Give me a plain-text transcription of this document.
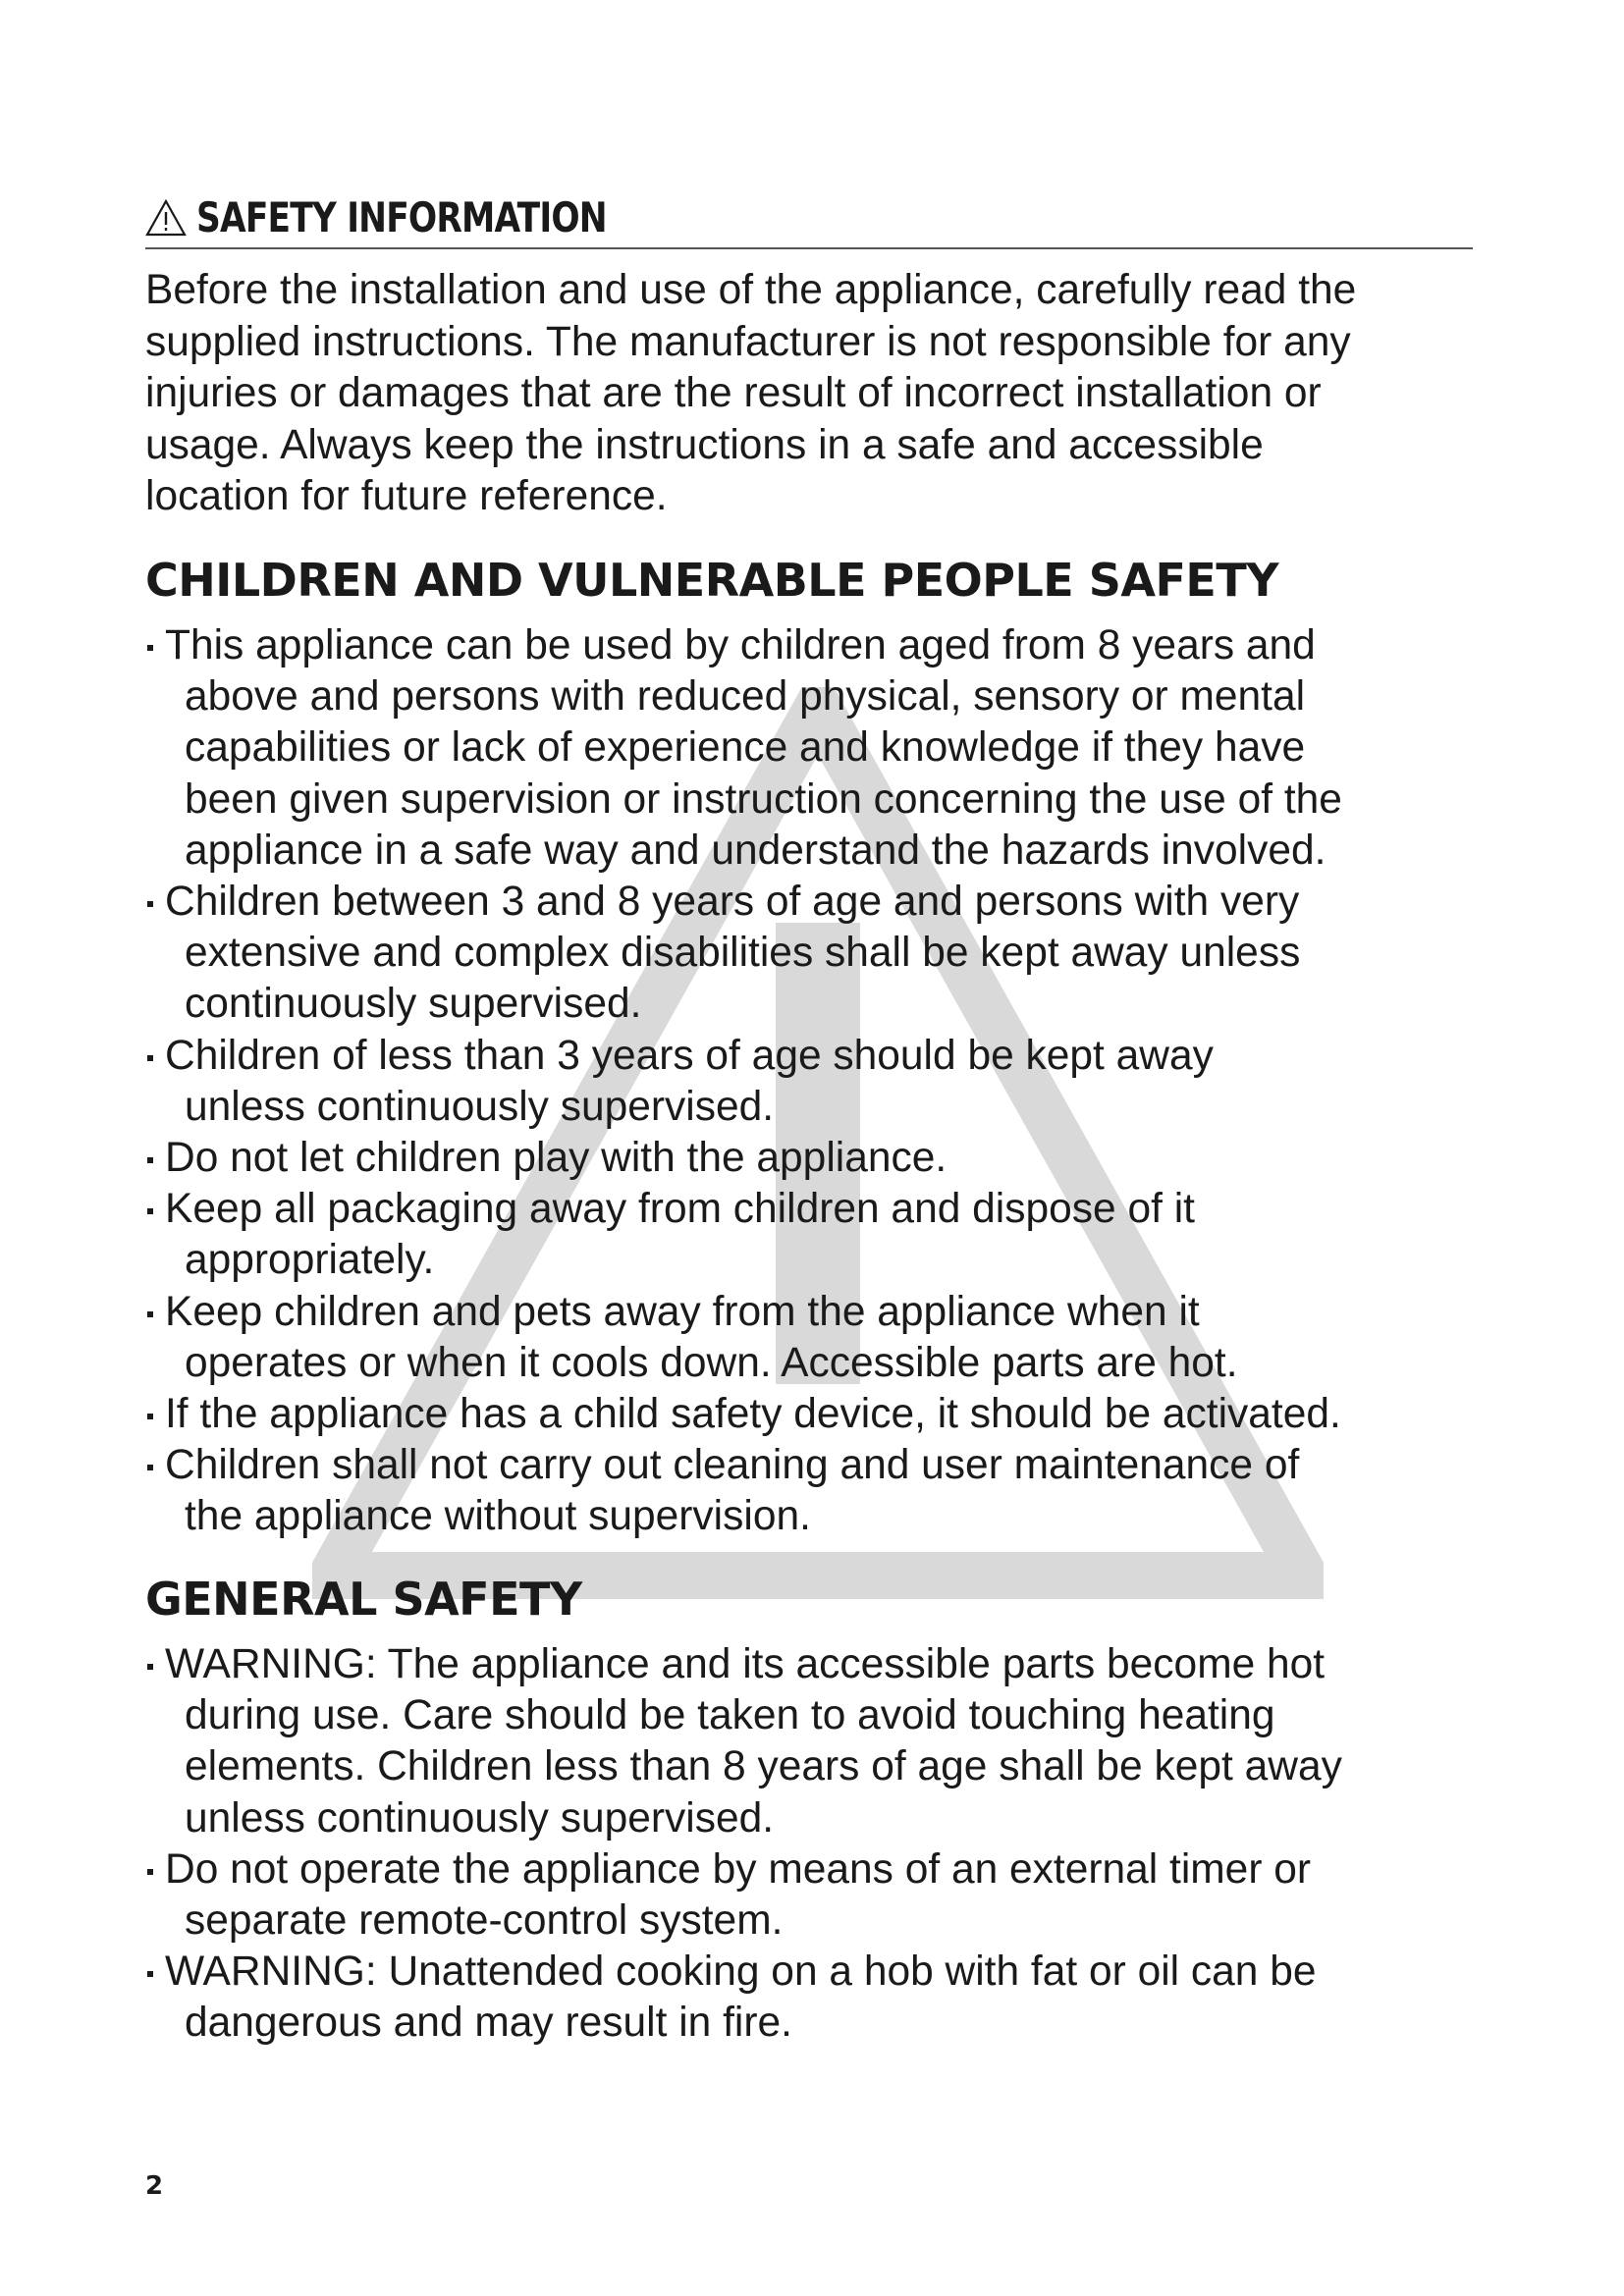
SAFETY INFORMATION

Before the installation and use of the appliance, carefully read the
supplied instructions. The manufacturer is not responsible for any
injuries or damages that are the result of incorrect installation or
usage. Always keep the instructions in a safe and accessible
location for future reference.

CHILDREN AND VULNERABLE PEOPLE SAFETY
This appliance can be used by children aged from 8 years and
above and persons with reduced physical, sensory or mental
capabilities or lack of experience and knowledge if they have
been given supervision or instruction concerning the use of the
appliance in a safe way and understand the hazards involved.
Children between 3 and 8 years of age and persons with very
extensive and complex disabilities shall be kept away unless
continuously supervised.
Children of less than 3 years of age should be kept away
unless continuously supervised.
Do not let children play with the appliance.
Keep all packaging away from children and dispose of it
appropriately.
Keep children and pets away from the appliance when it
operates or when it cools down. Accessible parts are hot.
If the appliance has a child safety device, it should be activated.
Children shall not carry out cleaning and user maintenance of
the appliance without supervision.
GENERAL SAFETY
WARNING: The appliance and its accessible parts become hot
during use. Care should be taken to avoid touching heating
elements. Children less than 8 years of age shall be kept away
unless continuously supervised.
Do not operate the appliance by means of an external timer or
separate remote-control system.
WARNING: Unattended cooking on a hob with fat or oil can be
dangerous and may result in fire.
2
